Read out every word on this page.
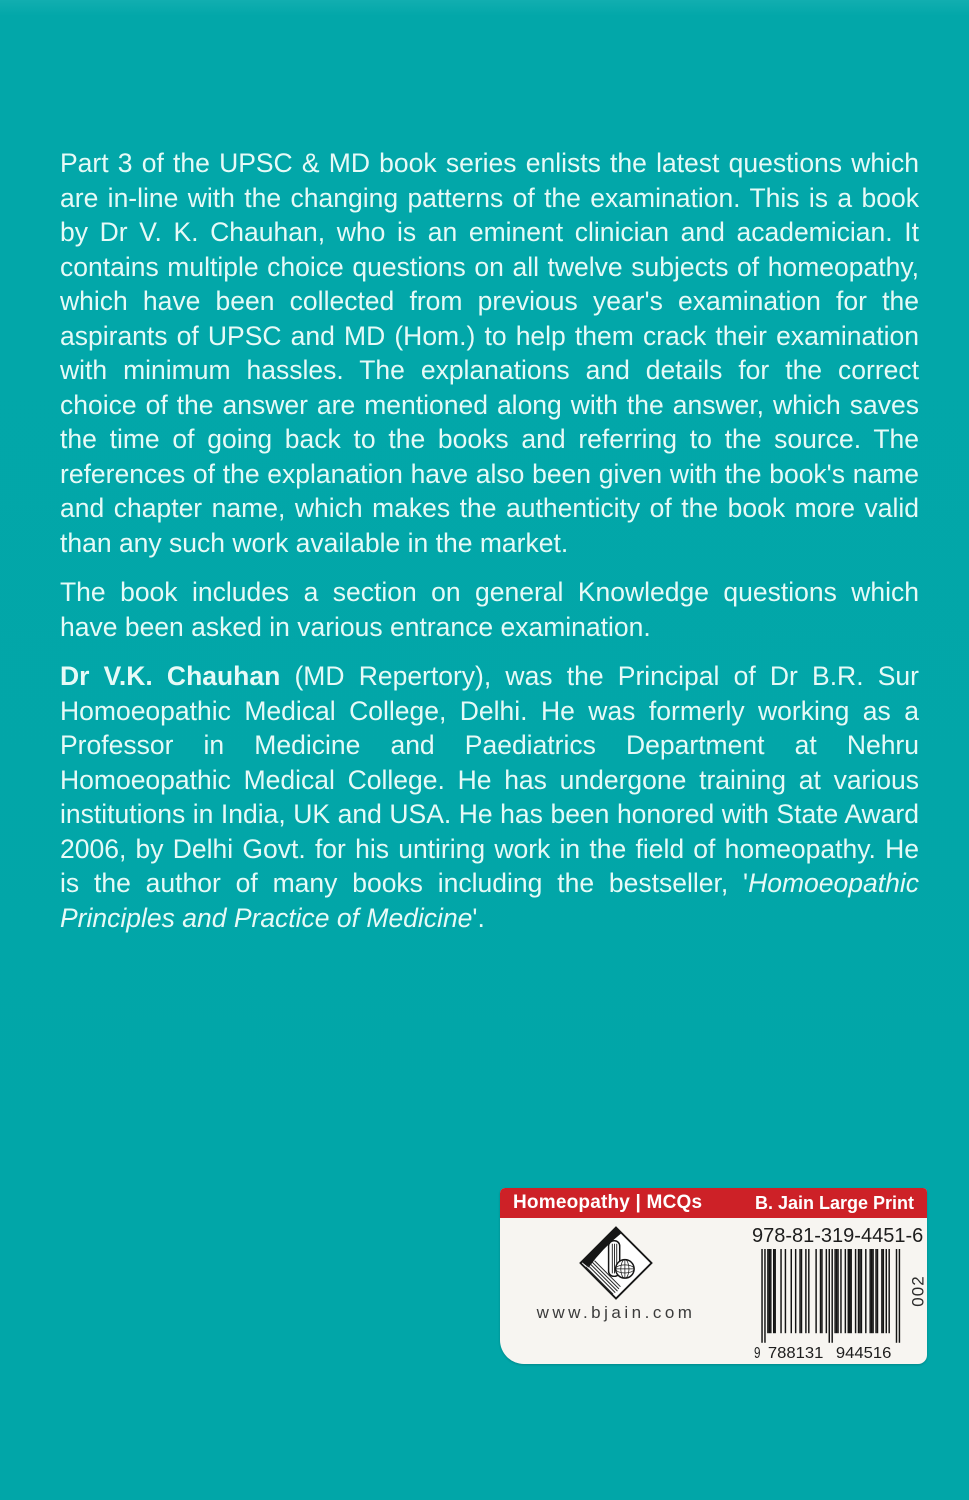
Part 3 of the UPSC & MD book series enlists the latest questions which are in-line with the changing patterns of the examination. This is a book by Dr V. K. Chauhan, who is an eminent clinician and academician. It contains multiple choice questions on all twelve subjects of homeopathy, which have been collected from previous year's examination for the aspirants of UPSC and MD (Hom.) to help them crack their examination with minimum hassles. The explanations and details for the correct choice of the answer are mentioned along with the answer, which saves the time of going back to the books and referring to the source. The references of the explanation have also been given with the book's name and chapter name, which makes the authenticity of the book more valid than any such work available in the market.

The book includes a section on general Knowledge questions which have been asked in various entrance examination.

Dr V.K. Chauhan (MD Repertory), was the Principal of Dr B.R. Sur Homoeopathic Medical College, Delhi. He was formerly working as a Professor in Medicine and Paediatrics Department at Nehru Homoeopathic Medical College. He has undergone training at various institutions in India, UK and USA. He has been honored with State Award 2006, by Delhi Govt. for his untiring work in the field of homeopathy. He is the author of many books including the bestseller, 'Homoeopathic Principles and Practice of Medicine'.

Homeopathy | MCQs	B. Jain Large Print
www.bjain.com
978-81-319-4451-6
9 788131 944516
002
